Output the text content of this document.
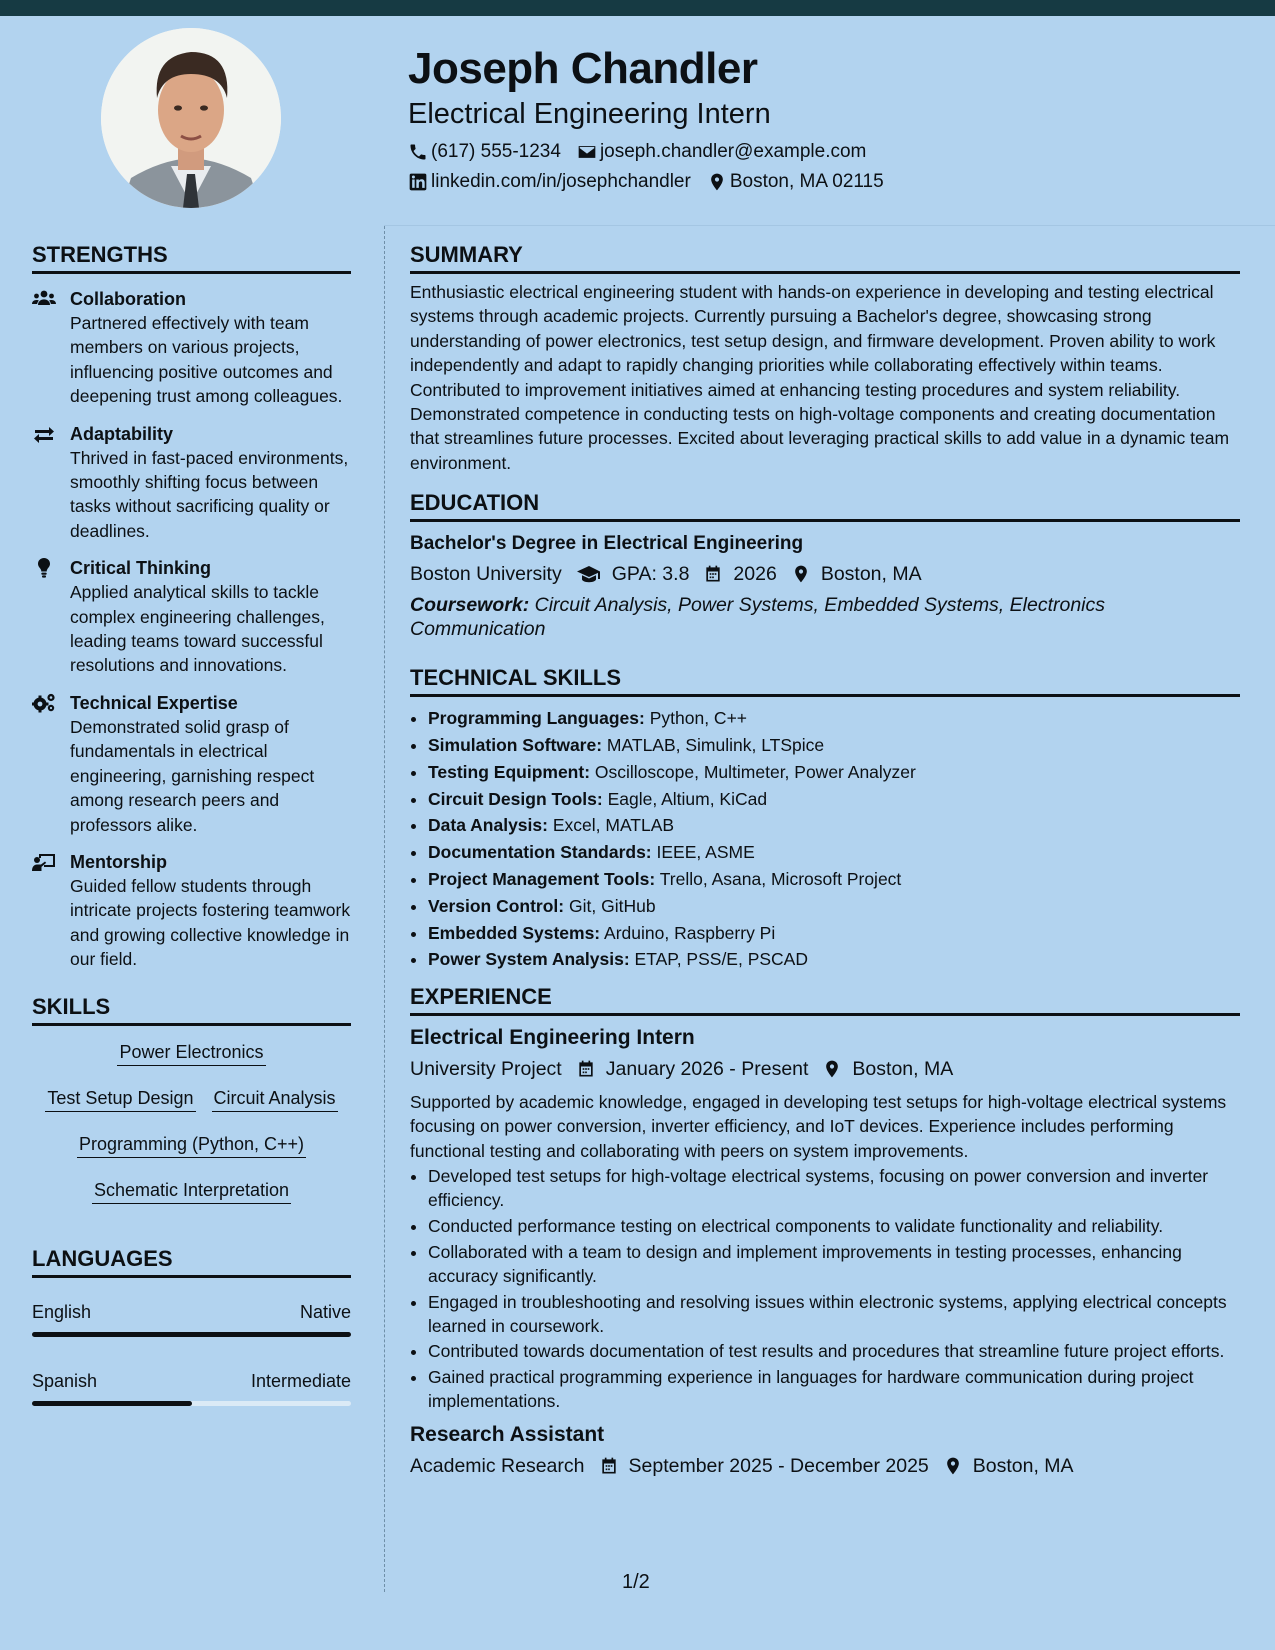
Joseph Chandler
Electrical Engineering Intern
(617) 555-1234 joseph.chandler@example.com
linkedin.com/in/josephchandler Boston, MA 02115
STRENGTHS
Collaboration
Partnered effectively with team members on various projects, influencing positive outcomes and deepening trust among colleagues.
Adaptability
Thrived in fast-paced environments, smoothly shifting focus between tasks without sacrificing quality or deadlines.
Critical Thinking
Applied analytical skills to tackle complex engineering challenges, leading teams toward successful resolutions and innovations.
Technical Expertise
Demonstrated solid grasp of fundamentals in electrical engineering, garnishing respect among research peers and professors alike.
Mentorship
Guided fellow students through intricate projects fostering teamwork and growing collective knowledge in our field.
SKILLS
Power Electronics
Test Setup Design Circuit Analysis
Programming (Python, C++)
Schematic Interpretation
LANGUAGES
English	Native
Spanish	Intermediate
SUMMARY
Enthusiastic electrical engineering student with hands-on experience in developing and testing electrical systems through academic projects. Currently pursuing a Bachelor's degree, showcasing strong understanding of power electronics, test setup design, and firmware development. Proven ability to work independently and adapt to rapidly changing priorities while collaborating effectively within teams. Contributed to improvement initiatives aimed at enhancing testing procedures and system reliability. Demonstrated competence in conducting tests on high-voltage components and creating documentation that streamlines future processes. Excited about leveraging practical skills to add value in a dynamic team environment.
EDUCATION
Bachelor's Degree in Electrical Engineering
Boston University	GPA: 3.8 2026 Boston, MA
Coursework: Circuit Analysis, Power Systems, Embedded Systems, Electronics Communication
TECHNICAL SKILLS
• Programming Languages: Python, C++
• Simulation Software: MATLAB, Simulink, LTSpice
• Testing Equipment: Oscilloscope, Multimeter, Power Analyzer
• Circuit Design Tools: Eagle, Altium, KiCad
• Data Analysis: Excel, MATLAB
• Documentation Standards: IEEE, ASME
• Project Management Tools: Trello, Asana, Microsoft Project
• Version Control: Git, GitHub
• Embedded Systems: Arduino, Raspberry Pi
• Power System Analysis: ETAP, PSS/E, PSCAD
EXPERIENCE
Electrical Engineering Intern
University Project January 2026 - Present Boston, MA
Supported by academic knowledge, engaged in developing test setups for high-voltage electrical systems focusing on power conversion, inverter efficiency, and IoT devices. Experience includes performing functional testing and collaborating with peers on system improvements.
• Developed test setups for high-voltage electrical systems, focusing on power conversion and inverter efficiency.
• Conducted performance testing on electrical components to validate functionality and reliability.
• Collaborated with a team to design and implement improvements in testing processes, enhancing accuracy significantly.
• Engaged in troubleshooting and resolving issues within electronic systems, applying electrical concepts learned in coursework.
• Contributed towards documentation of test results and procedures that streamline future project efforts.
• Gained practical programming experience in languages for hardware communication during project implementations.
Research Assistant
Academic Research September 2025 - December 2025 Boston, MA
1/2
